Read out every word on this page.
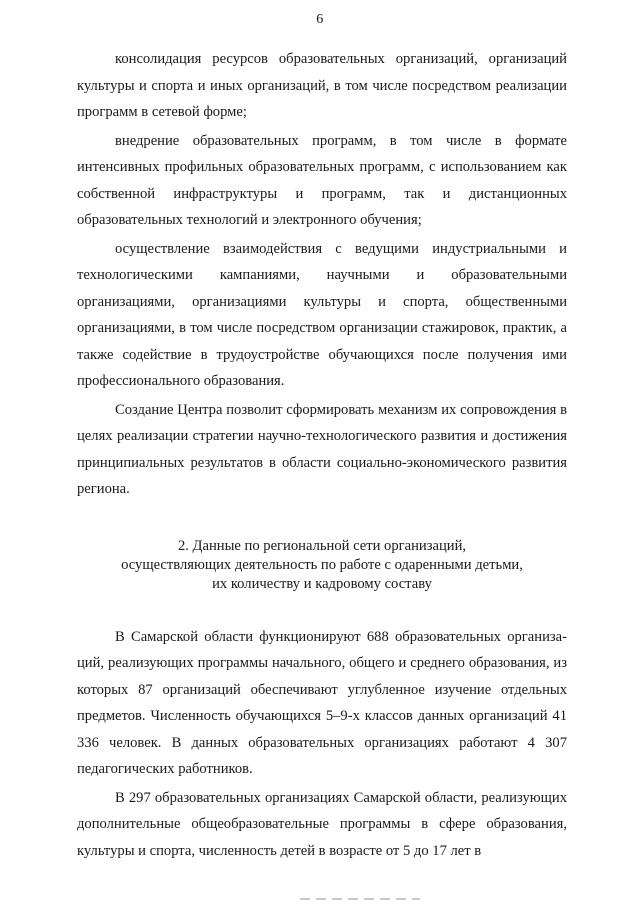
6

консолидация ресурсов образовательных организаций, организаций культуры и спорта и иных организаций, в том числе посредством реализации программ в сетевой форме;

внедрение образовательных программ, в том числе в формате интенсивных профильных образовательных программ, с использованием как собственной инфраструктуры и программ, так и дистанционных образовательных технологий и электронного обучения;

осуществление взаимодействия с ведущими индустриальными и технологическими кампаниями, научными и образовательными организациями, организациями культуры и спорта, общественными организациями, в том числе посредством организации стажировок, практик, а также содействие в трудоустройстве обучающихся после получения ими профессионального образования.

Создание Центра позволит сформировать механизм их сопровождения в целях реализации стратегии научно-технологического развития и достижения принципиальных результатов в области социально-экономического развития региона.

2. Данные по региональной сети организаций,
осуществляющих деятельность по работе с одаренными детьми,
их количеству и кадровому составу

В Самарской области функционируют 688 образовательных организаций, реализующих программы начального, общего и среднего образования, из которых 87 организаций обеспечивают углубленное изучение отдельных предметов. Численность обучающихся 5–9-х классов данных организаций 41 336 человек. В данных образовательных организациях работают 4 307 педагогических работников.

В 297 образовательных организациях Самарской области, реализующих дополнительные общеобразовательные программы в сфере образования, культуры и спорта, численность детей в возрасте от 5 до 17 лет в
